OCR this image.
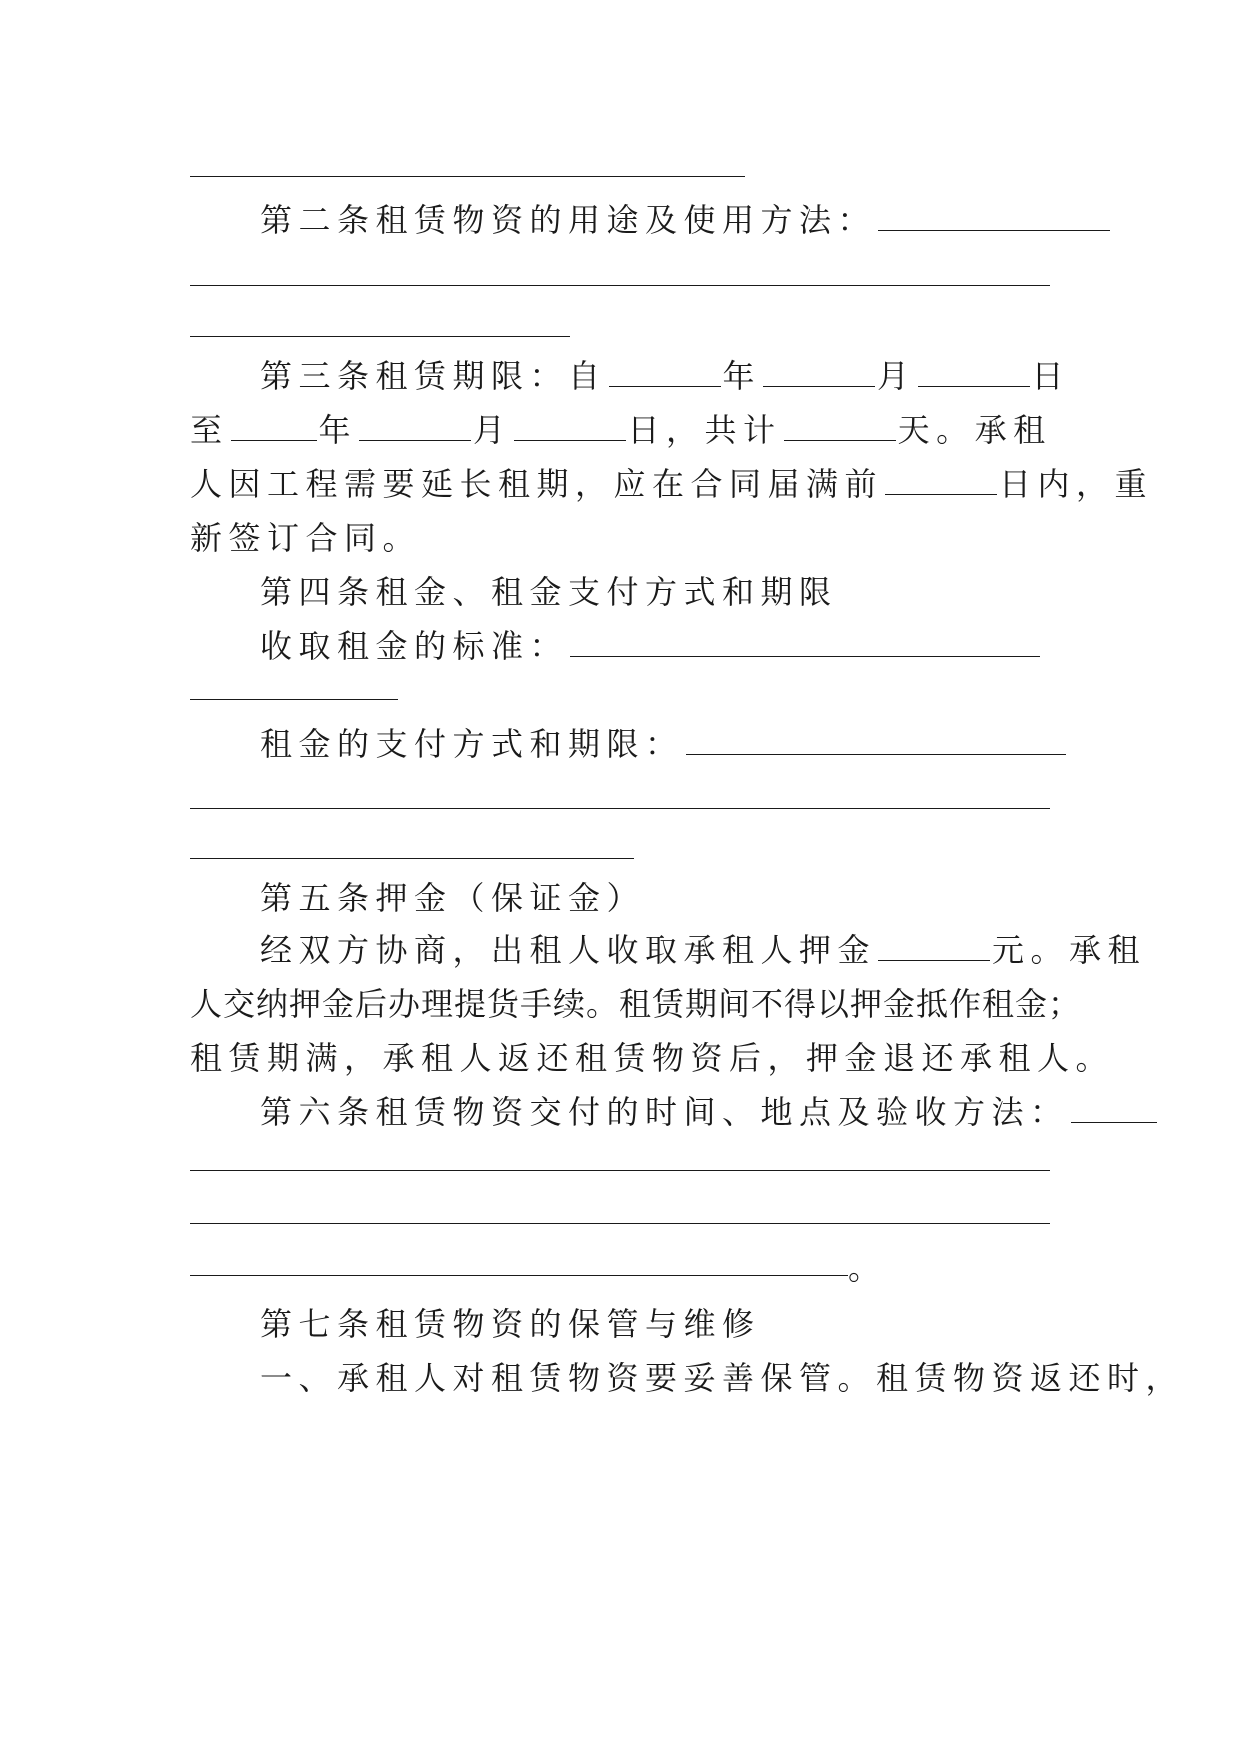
第二条租赁物资的用途及使用方法：
第三条租赁期限：自	年	月	日
至	年	月	日，共计	天。承租
人因工程需要延长租期，应在合同届满前	日内，重
新签订合同。
第四条租金、租金支付方式和期限
收取租金的标准：
租金的支付方式和期限：
第五条押金（保证金）
经双方协商，出租人收取承租人押金	元。承租
人交纳押金后办理提货手续。租赁期间不得以押金抵作租金；
租赁期满，承租人返还租赁物资后，押金退还承租人。
第六条租赁物资交付的时间、地点及验收方法：
。
第七条租赁物资的保管与维修
一、承租人对租赁物资要妥善保管。租赁物资返还时，
